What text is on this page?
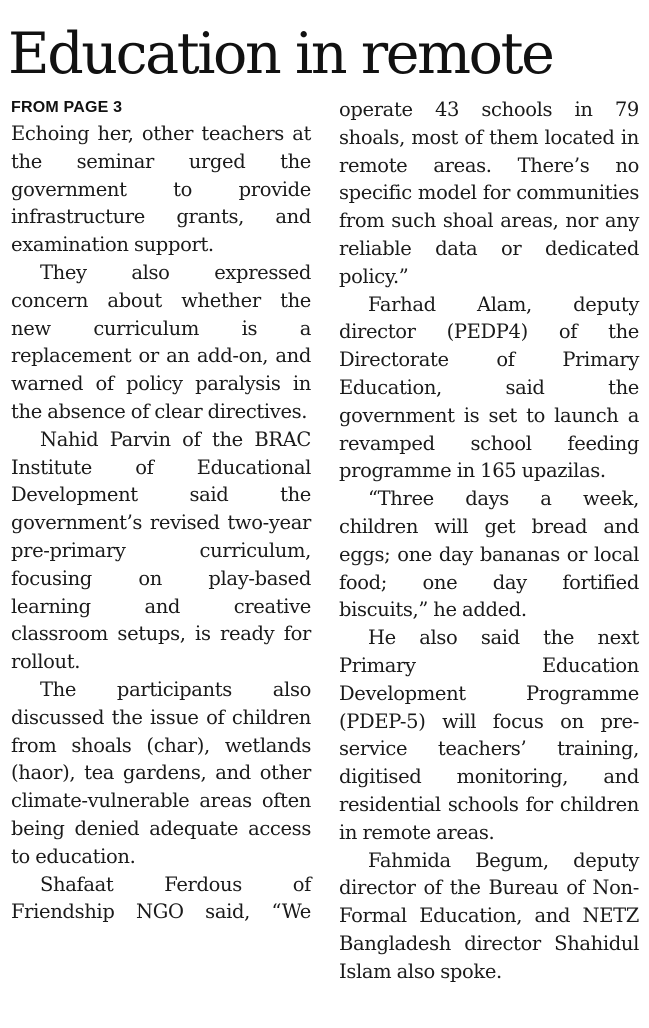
Education in remote
FROM PAGE 3

Echoing her, other teachers at the seminar urged the government to provide infrastructure grants, and examination support.

They also expressed concern about whether the new curriculum is a replacement or an add-on, and warned of policy paralysis in the absence of clear directives.

Nahid Parvin of the BRAC Institute of Educational Development said the government’s revised two-year pre-primary curriculum, focusing on play-based learning and creative classroom setups, is ready for rollout.

The participants also discussed the issue of children from shoals (char), wetlands (haor), tea gardens, and other climate-vulnerable areas often being denied adequate access to education.

Shafaat Ferdous of Friendship NGO said, “We

operate 43 schools in 79 shoals, most of them located in remote areas. There’s no specific model for communities from such shoal areas, nor any reliable data or dedicated policy.”

Farhad Alam, deputy director (PEDP4) of the Directorate of Primary Education, said the government is set to launch a revamped school feeding programme in 165 upazilas.

“Three days a week, children will get bread and eggs; one day bananas or local food; one day fortified biscuits,” he added.

He also said the next Primary Education Development Programme (PDEP-5) will focus on pre-service teachers’ training, digitised monitoring, and residential schools for children in remote areas.

Fahmida Begum, deputy director of the Bureau of Non-Formal Education, and NETZ Bangladesh director Shahidul Islam also spoke.
